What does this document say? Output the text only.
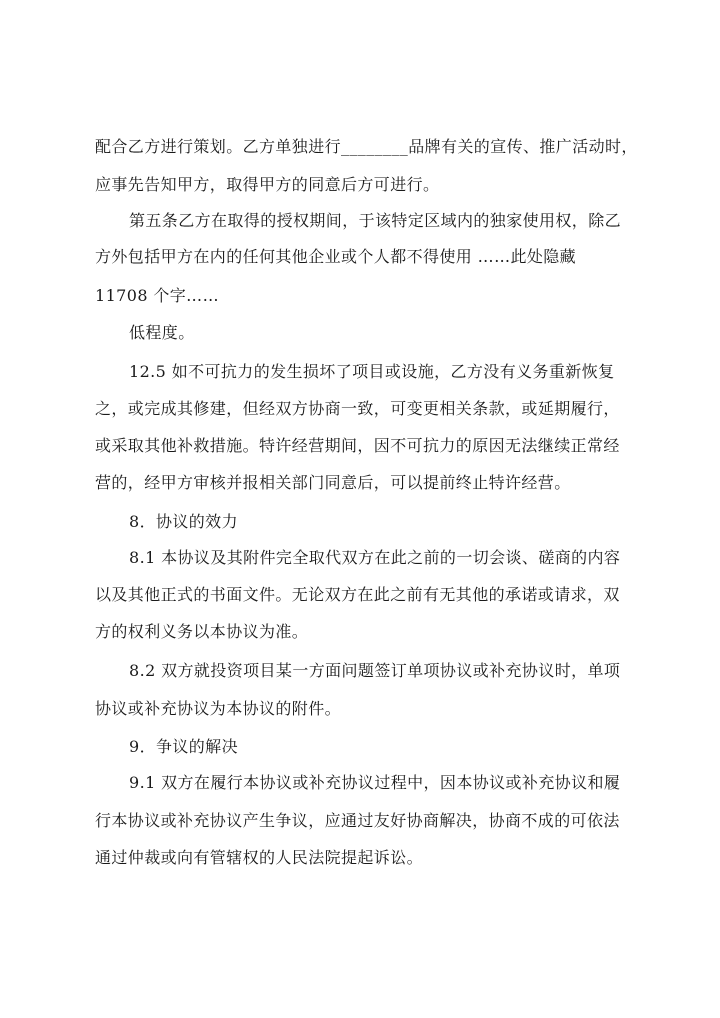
配合乙方进行策划。乙方单独进行________品牌有关的宣传、推广活动时，
应事先告知甲方，取得甲方的同意后方可进行。
第五条乙方在取得的授权期间，于该特定区域内的独家使用权，除乙
方外包括甲方在内的任何其他企业或个人都不得使用 ……此处隐藏
11708 个字……
低程度。
12.5 如不可抗力的发生损坏了项目或设施，乙方没有义务重新恢复
之，或完成其修建，但经双方协商一致，可变更相关条款，或延期履行，
或采取其他补救措施。特许经营期间，因不可抗力的原因无法继续正常经
营的，经甲方审核并报相关部门同意后，可以提前终止特许经营。
8．协议的效力
8.1 本协议及其附件完全取代双方在此之前的一切会谈、磋商的内容
以及其他正式的书面文件。无论双方在此之前有无其他的承诺或请求，双
方的权利义务以本协议为准。
8.2 双方就投资项目某一方面问题签订单项协议或补充协议时，单项
协议或补充协议为本协议的附件。
9．争议的解决
9.1 双方在履行本协议或补充协议过程中，因本协议或补充协议和履
行本协议或补充协议产生争议，应通过友好协商解决，协商不成的可依法
通过仲裁或向有管辖权的人民法院提起诉讼。
